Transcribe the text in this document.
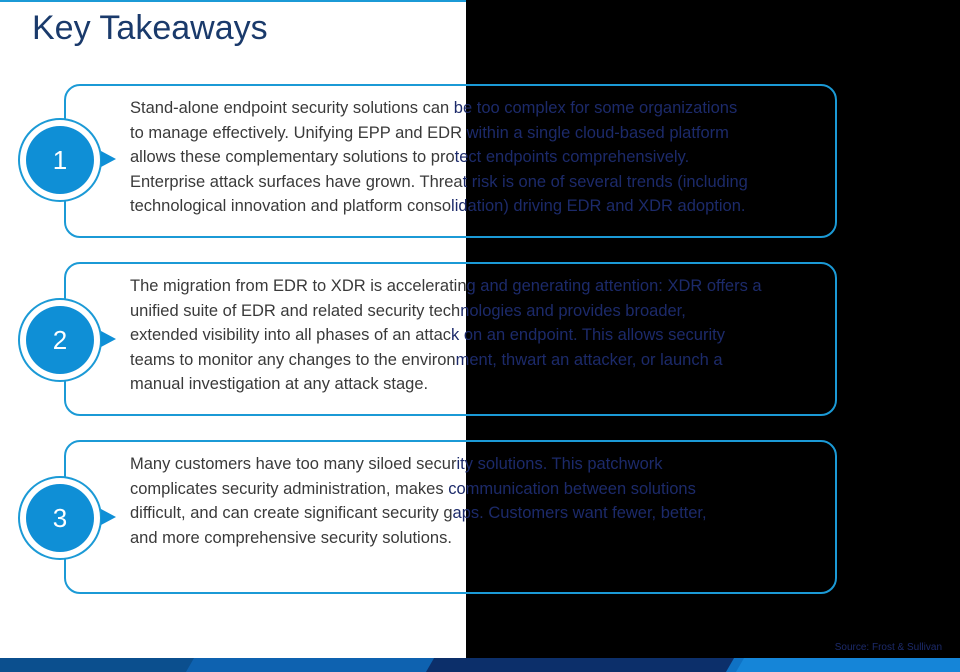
Key Takeaways
Stand-alone endpoint security solutions can be too complex for some organizations
to manage effectively. Unifying EPP and EDR within a single cloud-based platform
allows these complementary solutions to protect endpoints comprehensively.
Enterprise attack surfaces have grown. Threat risk is one of several trends (including
technological innovation and platform consolidation) driving EDR and XDR adoption.
The migration from EDR to XDR is accelerating and generating attention: XDR offers a
unified suite of EDR and related security technologies and provides broader,
extended visibility into all phases of an attack on an endpoint. This allows security
teams to monitor any changes to the environment, thwart an attacker, or launch a
manual investigation at any attack stage.
Many customers have too many siloed security solutions. This patchwork
complicates security administration, makes communication between solutions
difficult, and can create significant security gaps. Customers want fewer, better,
and more comprehensive security solutions.
1
2
3
Source: Frost & Sullivan
